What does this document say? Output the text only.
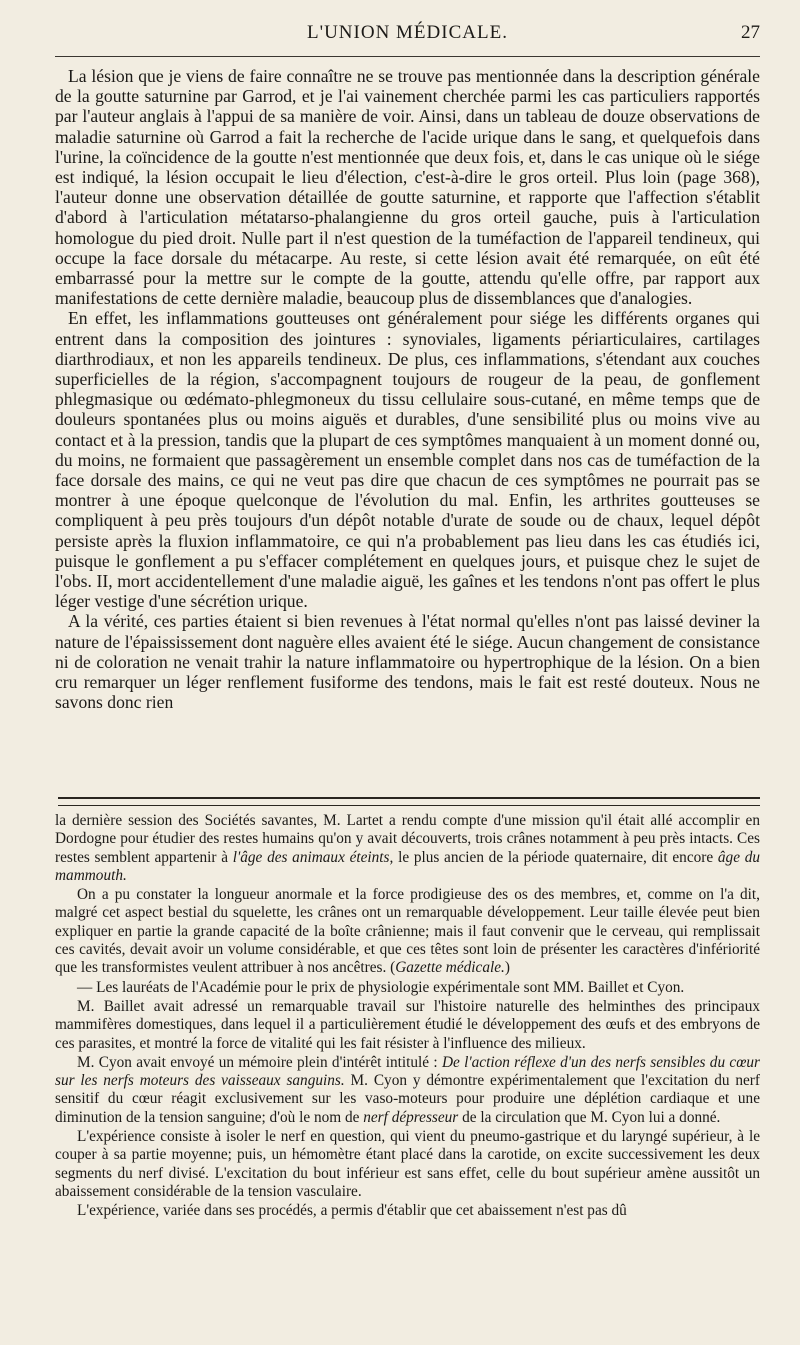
L'UNION MÉDICALE.	27

La lésion que je viens de faire connaître ne se trouve pas mentionnée dans la description générale de la goutte saturnine par Garrod, et je l'ai vainement cherchée parmi les cas particuliers rapportés par l'auteur anglais à l'appui de sa manière de voir. Ainsi, dans un tableau de douze observations de maladie saturnine où Garrod a fait la recherche de l'acide urique dans le sang, et quelquefois dans l'urine, la coïncidence de la goutte n'est mentionnée que deux fois, et, dans le cas unique où le siége est indiqué, la lésion occupait le lieu d'élection, c'est-à-dire le gros orteil. Plus loin (page 368), l'auteur donne une observation détaillée de goutte saturnine, et rapporte que l'affection s'établit d'abord à l'articulation métatarso-phalangienne du gros orteil gauche, puis à l'articulation homologue du pied droit. Nulle part il n'est question de la tuméfaction de l'appareil tendineux, qui occupe la face dorsale du métacarpe. Au reste, si cette lésion avait été remarquée, on eût été embarrassé pour la mettre sur le compte de la goutte, attendu qu'elle offre, par rapport aux manifestations de cette dernière maladie, beaucoup plus de dissemblances que d'analogies.

En effet, les inflammations goutteuses ont généralement pour siége les différents organes qui entrent dans la composition des jointures : synoviales, ligaments périarticulaires, cartilages diarthrodiaux, et non les appareils tendineux. De plus, ces inflammations, s'étendant aux couches superficielles de la région, s'accompagnent toujours de rougeur de la peau, de gonflement phlegmasique ou œdémato-phlegmoneux du tissu cellulaire sous-cutané, en même temps que de douleurs spontanées plus ou moins aiguës et durables, d'une sensibilité plus ou moins vive au contact et à la pression, tandis que la plupart de ces symptômes manquaient à un moment donné ou, du moins, ne formaient que passagèrement un ensemble complet dans nos cas de tuméfaction de la face dorsale des mains, ce qui ne veut pas dire que chacun de ces symptômes ne pourrait pas se montrer à une époque quelconque de l'évolution du mal. Enfin, les arthrites goutteuses se compliquent à peu près toujours d'un dépôt notable d'urate de soude ou de chaux, lequel dépôt persiste après la fluxion inflammatoire, ce qui n'a probablement pas lieu dans les cas étudiés ici, puisque le gonflement a pu s'effacer complétement en quelques jours, et puisque chez le sujet de l'obs. II, mort accidentellement d'une maladie aiguë, les gaînes et les tendons n'ont pas offert le plus léger vestige d'une sécrétion urique.

A la vérité, ces parties étaient si bien revenues à l'état normal qu'elles n'ont pas laissé deviner la nature de l'épaississement dont naguère elles avaient été le siége. Aucun changement de consistance ni de coloration ne venait trahir la nature inflammatoire ou hypertrophique de la lésion. On a bien cru remarquer un léger renflement fusiforme des tendons, mais le fait est resté douteux. Nous ne savons donc rien

la dernière session des Sociétés savantes, M. Lartet a rendu compte d'une mission qu'il était allé accomplir en Dordogne pour étudier des restes humains qu'on y avait découverts, trois crânes notamment à peu près intacts. Ces restes semblent appartenir à l'âge des animaux éteints, le plus ancien de la période quaternaire, dit encore âge du mammouth.

On a pu constater la longueur anormale et la force prodigieuse des os des membres, et, comme on l'a dit, malgré cet aspect bestial du squelette, les crânes ont un remarquable développement. Leur taille élevée peut bien expliquer en partie la grande capacité de la boîte crânienne; mais il faut convenir que le cerveau, qui remplissait ces cavités, devait avoir un volume considérable, et que ces têtes sont loin de présenter les caractères d'infériorité que les transformistes veulent attribuer à nos ancêtres. (Gazette médicale.)

— Les lauréats de l'Académie pour le prix de physiologie expérimentale sont MM. Baillet et Cyon.

M. Baillet avait adressé un remarquable travail sur l'histoire naturelle des helminthes des principaux mammifères domestiques, dans lequel il a particulièrement étudié le développement des œufs et des embryons de ces parasites, et montré la force de vitalité qui les fait résister à l'influence des milieux.

M. Cyon avait envoyé un mémoire plein d'intérêt intitulé : De l'action réflexe d'un des nerfs sensibles du cœur sur les nerfs moteurs des vaisseaux sanguins. M. Cyon y démontre expérimentalement que l'excitation du nerf sensitif du cœur réagit exclusivement sur les vaso-moteurs pour produire une déplétion cardiaque et une diminution de la tension sanguine; d'où le nom de nerf dépresseur de la circulation que M. Cyon lui a donné.

L'expérience consiste à isoler le nerf en question, qui vient du pneumo-gastrique et du laryngé supérieur, à le couper à sa partie moyenne; puis, un hémomètre étant placé dans la carotide, on excite successivement les deux segments du nerf divisé. L'excitation du bout inférieur est sans effet, celle du bout supérieur amène aussitôt un abaissement considérable de la tension vasculaire.

L'expérience, variée dans ses procédés, a permis d'établir que cet abaissement n'est pas dû
